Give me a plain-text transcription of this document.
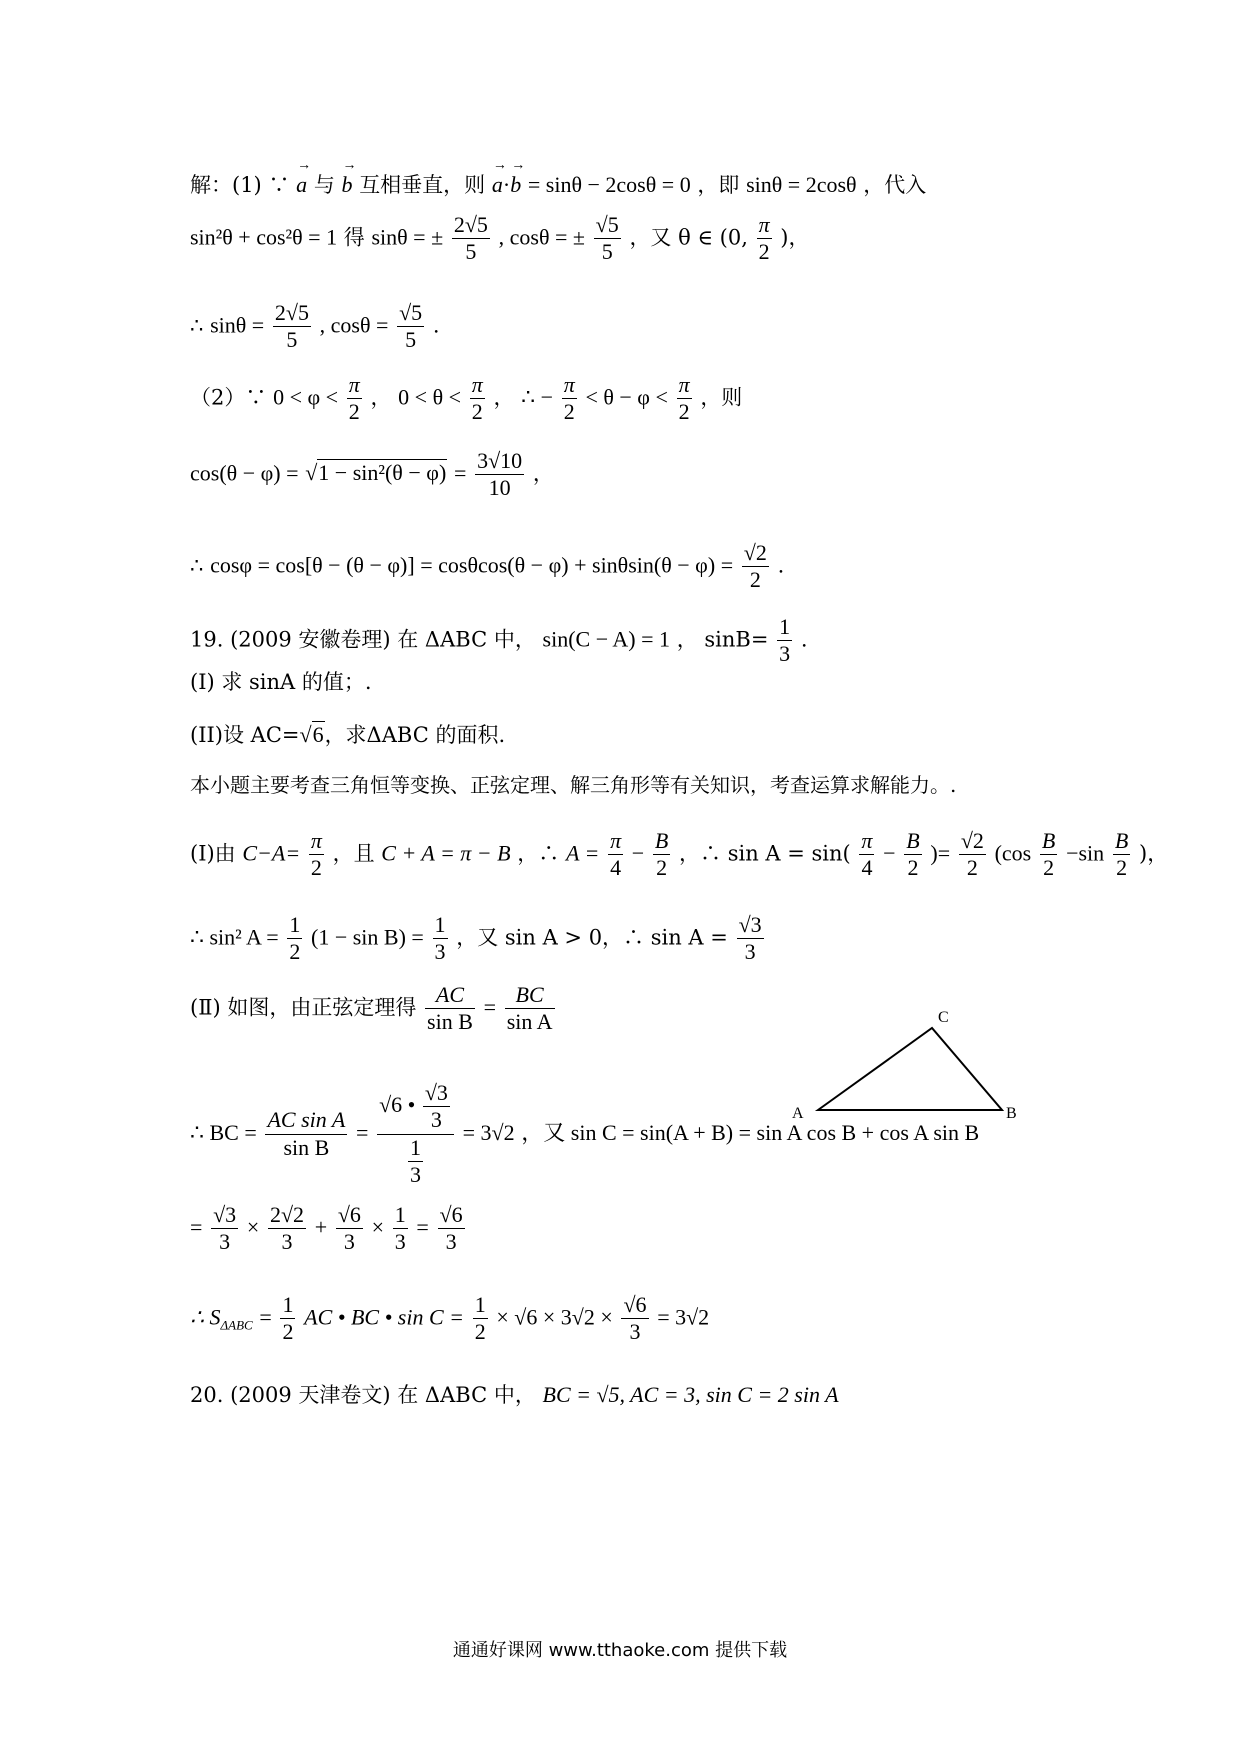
解：(1) ∵ → a 与 → b 互相垂直，则 → a·→ b = sinθ − 2cosθ = 0 ，即 sinθ = 2cosθ ，代入
sin²θ + cos²θ = 1 得 sinθ = ± $\frac{2√5}{5}$ , cosθ = ± $\frac{√5}{5}$ ，又 θ ∈ (0, $\frac{\pi}{2}$ )，
∴ $\sin\theta = \frac{2√5}{5}$ , $\cos\theta = \frac{√5}{5}$ .
（2）∵ $0 < \varphi < \frac{\pi}{2}$ ， $0 < \theta < \frac{\pi}{2}$ ， ∴ − $\frac{\pi}{2} < \theta - \varphi < \frac{\pi}{2}$ ，则
$\cos(\theta - \varphi) = √1 - \sin^2(\theta - \varphi) = \frac{3√10}{10}$ ，
∴ $\cos\varphi = \cos[\theta - (\theta - \varphi)] = \cos\theta\cos(\theta - \varphi) + \sin\theta\sin(\theta - \varphi) = \frac{√2}{2}$ .
19. (2009 安徽卷理) 在 ΔABC 中， sin(C − A) = 1 ， $\sin B= \frac{1}{3}$ .
(I) 求 sinA 的值；.
(II)设 AC=√6，求ΔABC 的面积.
本小题主要考查三角恒等变换、正弦定理、解三角形等有关知识，考查运算求解能力。.
(Ⅰ)由 $C-A= \frac{\pi}{2}$ ，且 C + A = π − B ，∴ $A = \frac{\pi}{4} - \frac{B}{2}$ ，∴ $\sin A = \sin( \frac{\pi}{4} - \frac{B}{2}$ )= $\frac{√2}{2} (\cos \frac{B}{2} -\sin \frac{B}{2}$ )，
∴ sin² $A = \frac{1}{2} (1 - \sin B) = \frac{1}{3}$ ，又 sin A > 0，∴ $\sin A = \frac{√3}{3}$
(Ⅱ) 如图，由正弦定理得 $\frac{AC}{\text{sin B}} = \frac{BC}{\text{sin A}}$
A	B
C
∴ BC = $\frac{\text{AC sin A}}{\text{sin B}} = \frac{√6 • \frac{√3}{3}}{\frac{1}{3}} = 3√2$ ，又 sin C = sin(A + B) = sin A cos B + cos A sin B
= $\frac{√3}{3} \times \frac{2√2}{3} + \frac{√6}{3} \times \frac{1}{3} = \frac{√6}{3}$
∴ $S_{\Delta ABC} = \frac{1}{2}$ AC • BC • $\sin C = \frac{1}{2} \times √6 \times 3√2 \times \frac{√6}{3} = 3√2$
20. (2009 天津卷文) 在 ΔABC 中， BC = √5, AC = 3, sin C = 2 sin A
通通好课网 www.tthaoke.com 提供下载
